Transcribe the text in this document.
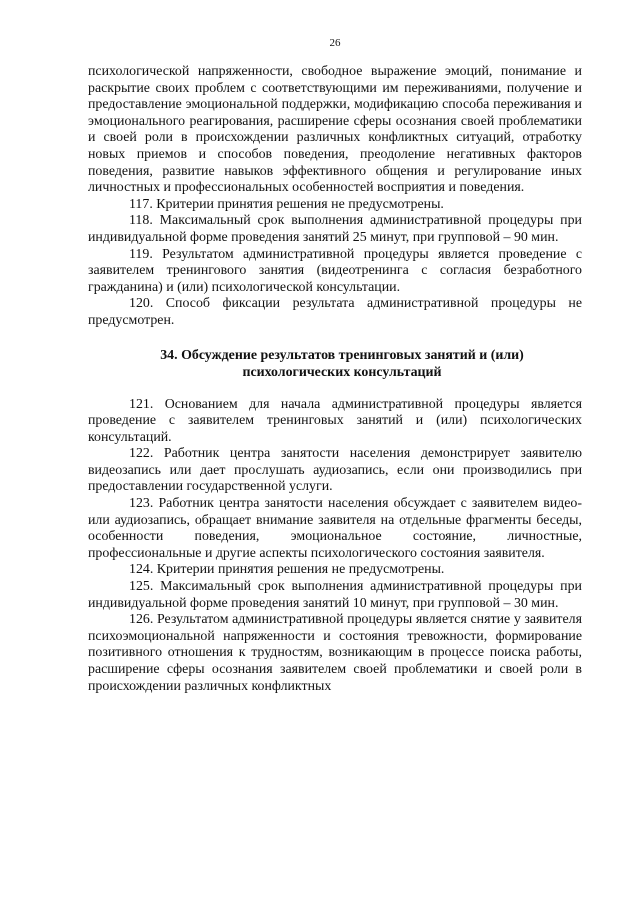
26

психологической напряженности, свободное выражение эмоций, понимание и раскрытие своих проблем с соответствующими им переживаниями, получение и предоставление эмоциональной поддержки, модификацию способа переживания и эмоционального реагирования, расширение сферы осознания своей проблематики и своей роли в происхождении различных конфликтных ситуаций, отработку новых приемов и способов поведения, преодоление негативных факторов поведения, развитие навыков эффективного общения и регулирование иных личностных и профессиональных особенностей восприятия и поведения.

117. Критерии принятия решения не предусмотрены.

118. Максимальный срок выполнения административной процедуры при индивидуальной форме проведения занятий 25 минут, при групповой – 90 мин.

119. Результатом административной процедуры является проведение с заявителем тренингового занятия (видеотренинга с согласия безработного гражданина) и (или) психологической консультации.

120. Способ фиксации результата административной процедуры не предусмотрен.

34. Обсуждение результатов тренинговых занятий и (или)
психологических консультаций

121. Основанием для начала административной процедуры является проведение с заявителем тренинговых занятий и (или) психологических консультаций.

122. Работник центра занятости населения демонстрирует заявителю видеозапись или дает прослушать аудиозапись, если они производились при предоставлении государственной услуги.

123. Работник центра занятости населения обсуждает с заявителем видео- или аудиозапись, обращает внимание заявителя на отдельные фрагменты беседы, особенности поведения, эмоциональное состояние, личностные, профессиональные и другие аспекты психологического состояния заявителя.

124. Критерии принятия решения не предусмотрены.

125. Максимальный срок выполнения административной процедуры при индивидуальной форме проведения занятий 10 минут, при групповой – 30 мин.

126. Результатом административной процедуры является снятие у заявителя психоэмоциональной напряженности и состояния тревожности, формирование позитивного отношения к трудностям, возникающим в процессе поиска работы, расширение сферы осознания заявителем своей проблематики и своей роли в происхождении различных конфликтных
